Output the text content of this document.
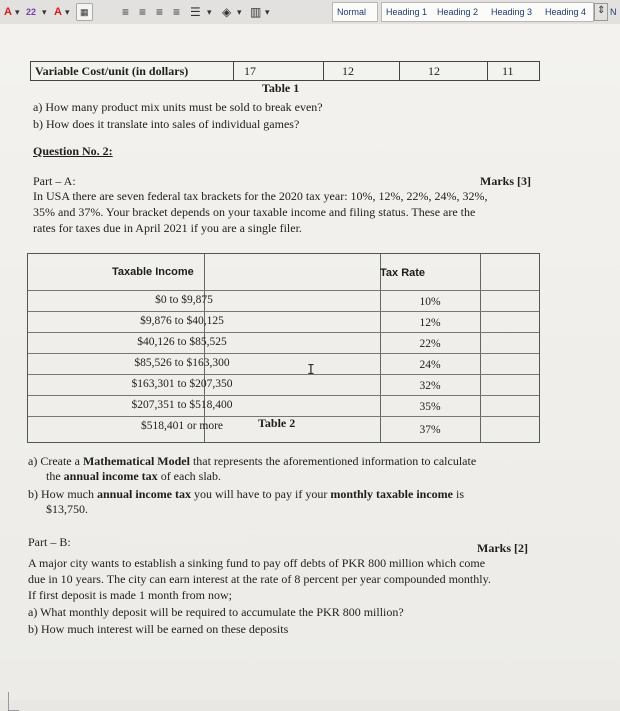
A ▾ 22 ▾ A ▾	▦	≡ ≡ ≡ ≡ ☰ ▾ ◈ ▾ ▥ ▾	Normal	Heading 1	Heading 2	Heading 3	Heading 4	⇕ N
Variable Cost/unit (in dollars)	17	12	12	11
Table 1
a) How many product mix units must be sold to break even?
b) How does it translate into sales of individual games?
Question No. 2:
Part – A:	Marks [3]
In USA there are seven federal tax brackets for the 2020 tax year: 10%, 12%, 22%, 24%, 32%,
35% and 37%. Your bracket depends on your taxable income and filing status. These are the
rates for taxes due in April 2021 if you are a single filer.
Taxable Income	Tax Rate
$0 to $9,875	10%
$9,876 to $40,125	12%
$40,126 to $85,525	22%
$85,526 to $163,300	24%
$163,301 to $207,350	32%
$207,351 to $518,400	35%
$518,401 or more	37%
I
Table 2
a) Create a Mathematical Model that represents the aforementioned information to calculate
the annual income tax of each slab.
b) How much annual income tax you will have to pay if your monthly taxable income is
$13,750.
Part – B:	Marks [2]
A major city wants to establish a sinking fund to pay off debts of PKR 800 million which come
due in 10 years. The city can earn interest at the rate of 8 percent per year compounded monthly.
If first deposit is made 1 month from now;
a) What monthly deposit will be required to accumulate the PKR 800 million?
b) How much interest will be earned on these deposits
